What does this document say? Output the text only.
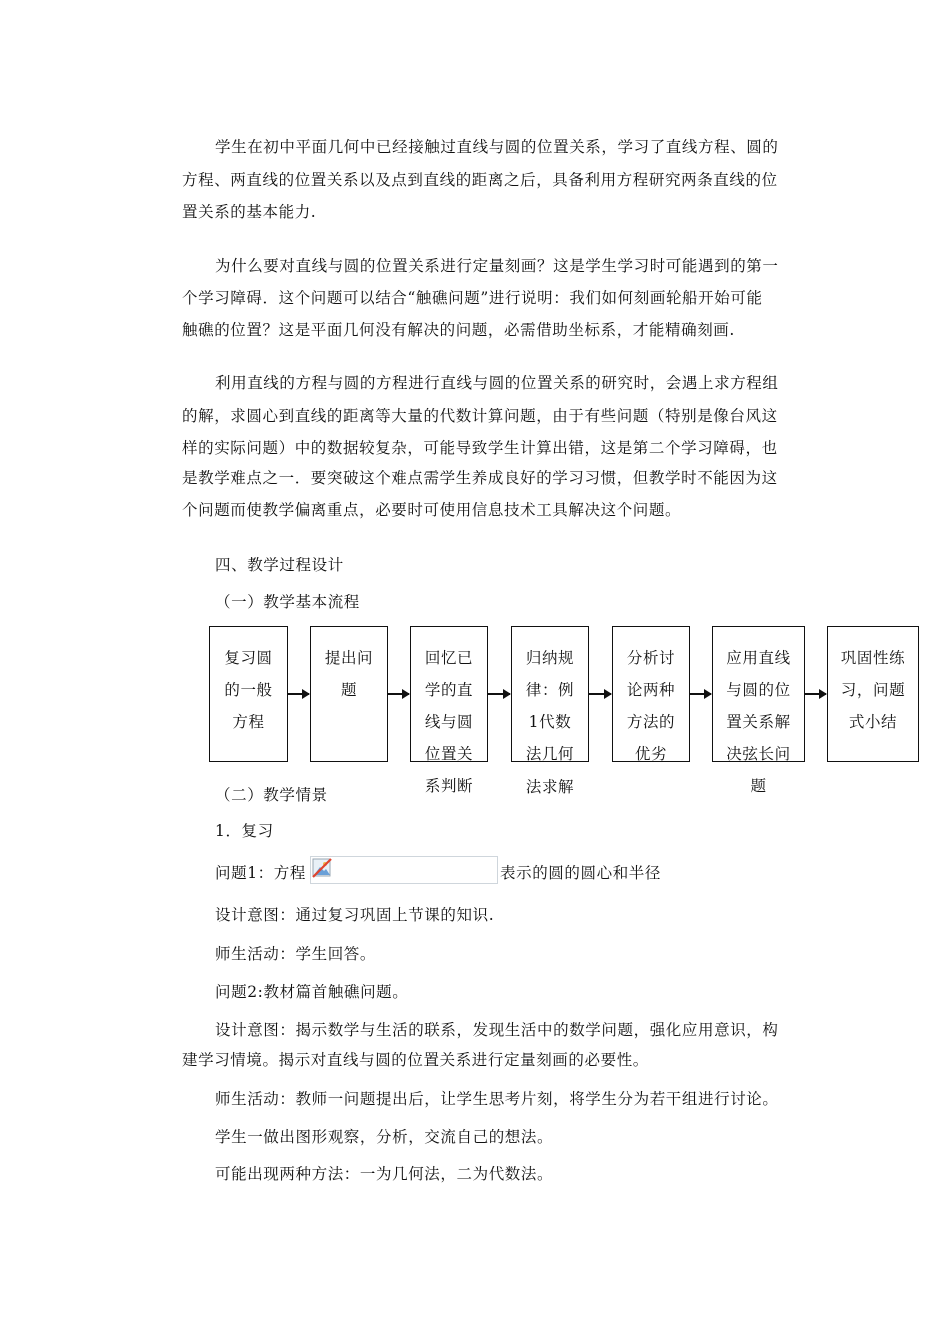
学生在初中平面几何中已经接触过直线与圆的位置关系，学习了直线方程、圆的
方程、两直线的位置关系以及点到直线的距离之后，具备利用方程研究两条直线的位
置关系的基本能力.
为什么要对直线与圆的位置关系进行定量刻画？这是学生学习时可能遇到的第一
个学习障碍．这个问题可以结合“触礁问题”进行说明：我们如何刻画轮船开始可能
触礁的位置？这是平面几何没有解决的问题，必需借助坐标系，才能精确刻画.
利用直线的方程与圆的方程进行直线与圆的位置关系的研究时，会遇上求方程组
的解，求圆心到直线的距离等大量的代数计算问题，由于有些问题（特别是像台风这
样的实际问题）中的数据较复杂，可能导致学生计算出错，这是第二个学习障碍，也
是教学难点之一．要突破这个难点需学生养成良好的学习习惯，但教学时不能因为这
个问题而使教学偏离重点，必要时可使用信息技术工具解决这个问题。
四、教学过程设计
（一）教学基本流程
复习圆
的一般
方程
提出问
题
回忆已
学的直
线与圆
位置关
系判断
归纳规
律：例
1代数
法几何
法求解
分析讨
论两种
方法的
优劣
应用直线
与圆的位
置关系解
决弦长问
题
巩固性练
习，问题
式小结
（二）教学情景
1．复习
问题1：方程	表示的圆的圆心和半径
设计意图：通过复习巩固上节课的知识.
师生活动：学生回答。
问题2:教材篇首触礁问题。
设计意图：揭示数学与生活的联系，发现生活中的数学问题，强化应用意识，构
建学习情境。揭示对直线与圆的位置关系进行定量刻画的必要性。
师生活动：教师一问题提出后，让学生思考片刻，将学生分为若干组进行讨论。
学生一做出图形观察，分析，交流自己的想法。
可能出现两种方法：一为几何法，二为代数法。
